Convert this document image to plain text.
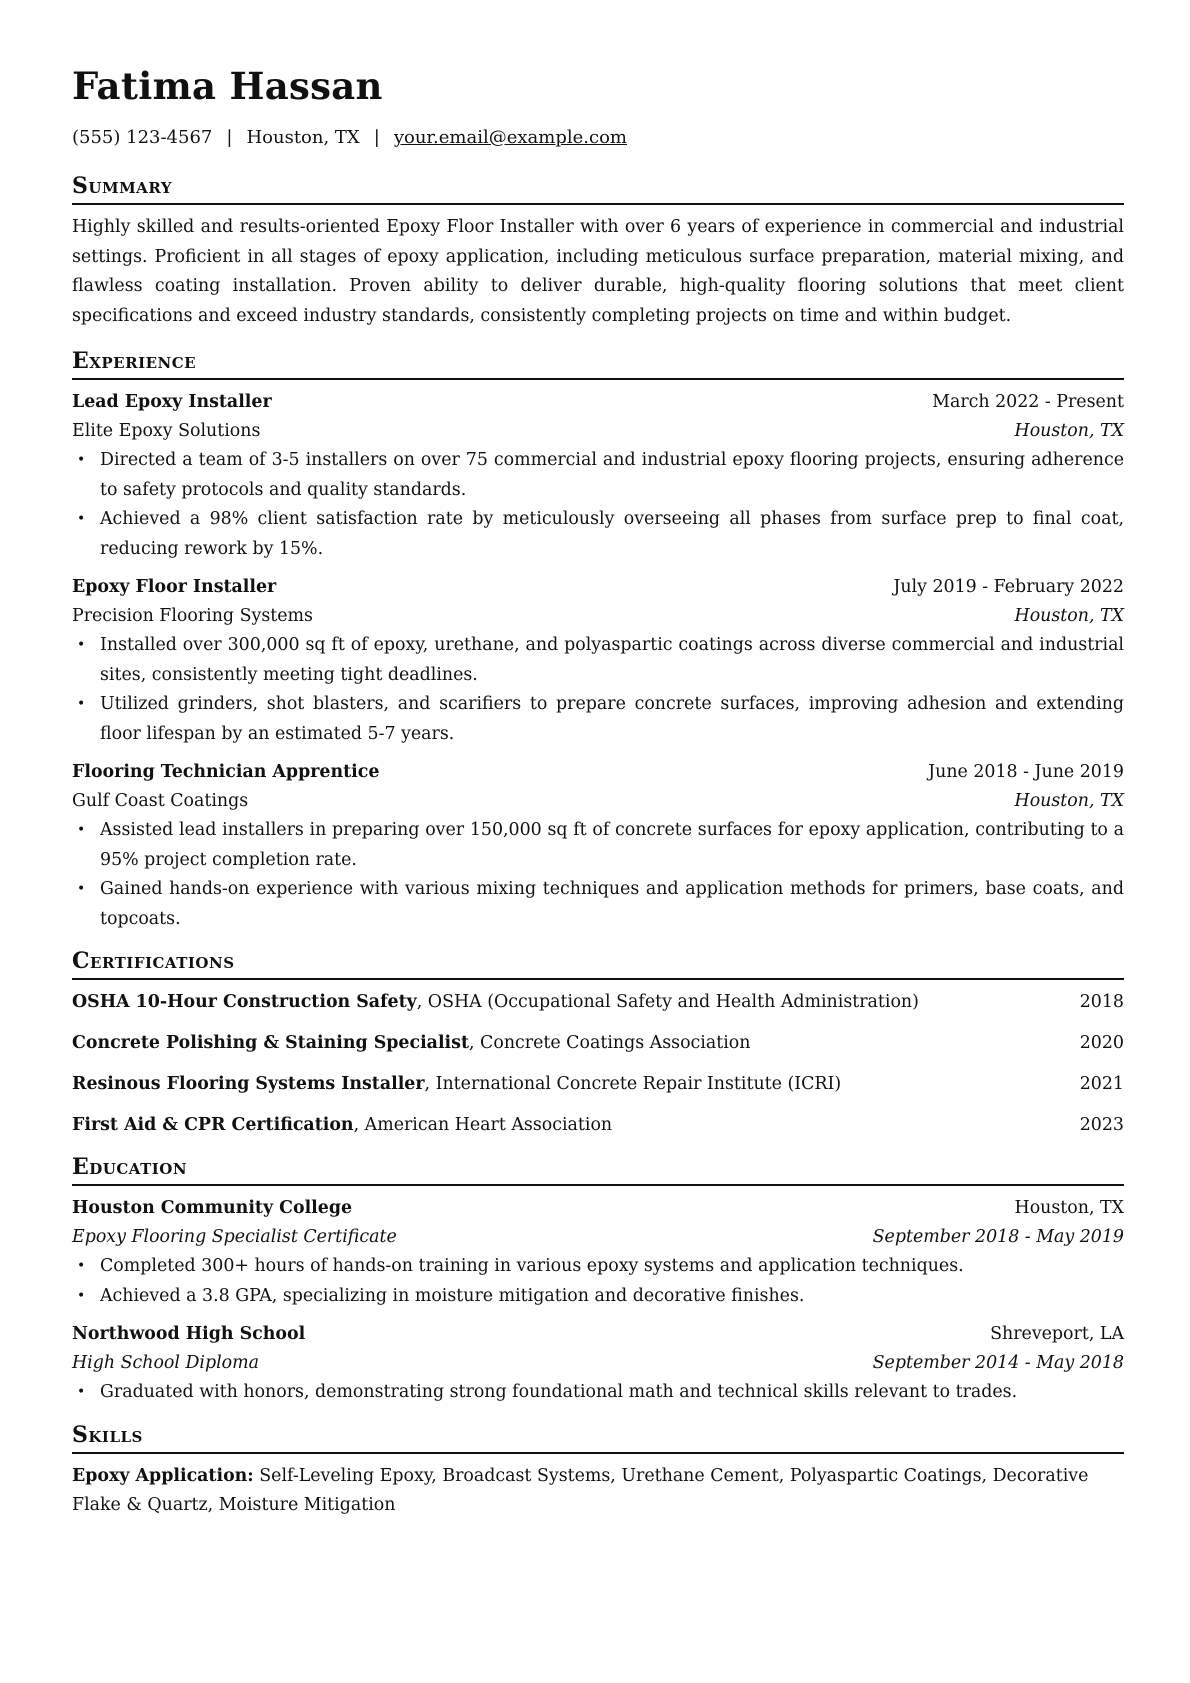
Fatima Hassan
(555) 123-4567 | Houston, TX | your.email@example.com
Summary

Highly skilled and results-oriented Epoxy Floor Installer with over 6 years of experience in commercial and industrial settings. Proficient in all stages of epoxy application, including meticulous surface preparation, material mixing, and flawless coating installation. Proven ability to deliver durable, high-quality flooring solutions that meet client specifications and exceed industry standards, consistently completing projects on time and within budget.

Experience
Lead Epoxy Installer	March 2022 - Present
Elite Epoxy Solutions	Houston, TX
• Directed a team of 3-5 installers on over 75 commercial and industrial epoxy flooring projects, ensuring adherence to safety protocols and quality standards.
• Achieved a 98% client satisfaction rate by meticulously overseeing all phases from surface prep to final coat, reducing rework by 15%.
Epoxy Floor Installer	July 2019 - February 2022
Precision Flooring Systems	Houston, TX
• Installed over 300,000 sq ft of epoxy, urethane, and polyaspartic coatings across diverse commercial and industrial sites, consistently meeting tight deadlines.
• Utilized grinders, shot blasters, and scarifiers to prepare concrete surfaces, improving adhesion and extending floor lifespan by an estimated 5-7 years.
Flooring Technician Apprentice	June 2018 - June 2019
Gulf Coast Coatings	Houston, TX
• Assisted lead installers in preparing over 150,000 sq ft of concrete surfaces for epoxy application, contributing to a 95% project completion rate.
• Gained hands-on experience with various mixing techniques and application methods for primers, base coats, and topcoats.
Certifications
OSHA 10-Hour Construction Safety, OSHA (Occupational Safety and Health Administration)	2018
Concrete Polishing & Staining Specialist, Concrete Coatings Association	2020
Resinous Flooring Systems Installer, International Concrete Repair Institute (ICRI)	2021
First Aid & CPR Certification, American Heart Association	2023
Education
Houston Community College	Houston, TX
Epoxy Flooring Specialist Certificate	September 2018 - May 2019
• Completed 300+ hours of hands-on training in various epoxy systems and application techniques.
• Achieved a 3.8 GPA, specializing in moisture mitigation and decorative finishes.
Northwood High School	Shreveport, LA
High School Diploma	September 2014 - May 2018
• Graduated with honors, demonstrating strong foundational math and technical skills relevant to trades.
Skills
Epoxy Application: Self-Leveling Epoxy, Broadcast Systems, Urethane Cement, Polyaspartic Coatings, Decorative Flake & Quartz, Moisture Mitigation
